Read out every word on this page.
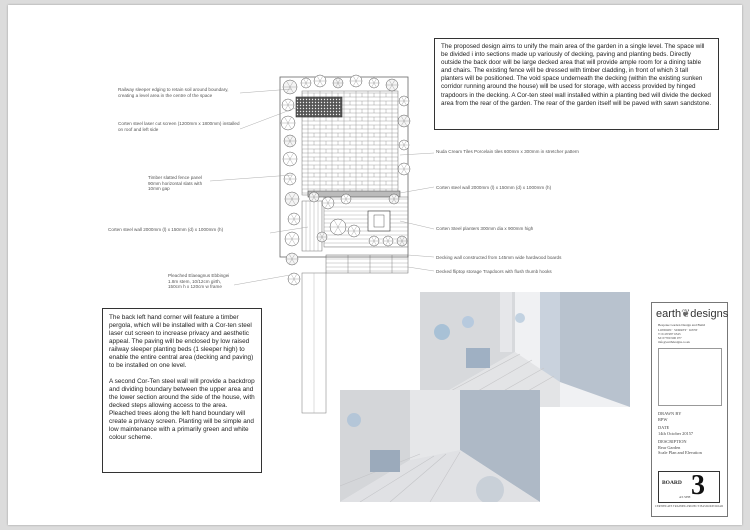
Railway sleeper edging to retain soil around boundary, creating a level area in the centre of the space
Corten steel laser cut screen (1200mm x 1800mm) installed on roof and left side
Timber slatted fence panel 90mm horizontal slats with 10mm gap
Corten steel wall 2000mm (l) x 150mm (d) x 1000mm (h)
Pleached Elaeagnus Ebbingei 1.8m stem, 10/12cm girth, 150cm h x 120cm w frame
Nuda Cream Tiles Porcelain tiles 600mm x 300mm in stretcher pattern
Corten steel wall 2000mm (l) x 150mm (d) x 1000mm (h)
Corten Steel planters 300mm dia x 900mm high
Decking wall constructed from 145mm wide hardwood boards
Decked fliptop storage Trapdoors with flush thumb hooks
The proposed design aims to unify the main area of the garden in a single level. The space will be divided i into sections made up variously of decking, paving and planting beds. Directly outside the back door will be large decked area that will provide ample room for a dining table and chairs. The existing fence will be dressed with timber cladding, in front of which 3 tall planters will be positioned. The void space underneath the decking (within the existing sunken corridor running around the house) will be used for storage, with access provided by hinged trapdoors in the decking. A Cor-ten steel wall installed within a planting bed will divide the decked area from the rear of the garden. The rear of the garden itself will be paved with sawn sandstone.

The back left hand corner will feature a timber pergola, which will be installed with a Cor-ten steel laser cut screen to increase privacy and aesthetic appeal. The paving will be enclosed by low raised railway sleeper planting beds (1 sleeper high) to enable the entire central area (decking and paving) to be installed on one level.

A second Cor-Ten steel wall will provide a backdrop and dividing boundary between the upper area and the lower section around the side of the house, with decked steps allowing access to the area. Pleached trees along the left hand boundary will create a privacy screen. Planting will be simple and low maintenance with a primarily green and white colour scheme.

earth❦designs
Bespoke Garden Design and Build
LONDON · SURREY · KENT
T: 0118 987 6543
M: 07700 900 077
info@earthdesigns.co.uk
DRAWN BY
RPW
DATE
14th October 20157
DESCRIPTION
Rear Garden
Scale Plan and Elevation
BOARD 3
AS SHE
CERTIFICATE TRAINING PROJECT: BASILDON ROAD
